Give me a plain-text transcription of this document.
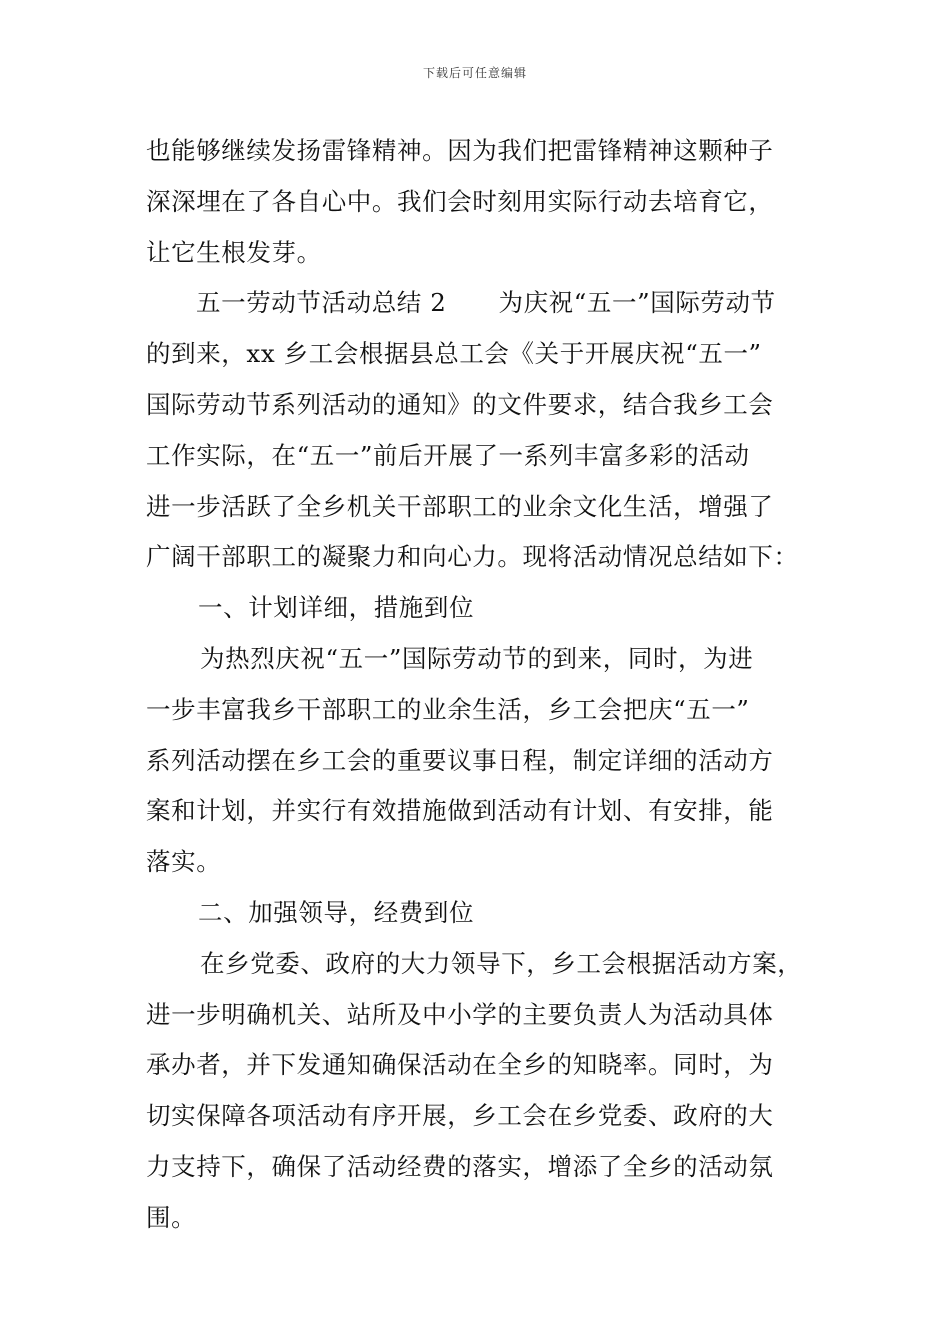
下载后可任意编辑
也能够继续发扬雷锋精神。因为我们把雷锋精神这颗种子
深深埋在了各自心中。我们会时刻用实际行动去培育它，
让它生根发芽。
五一劳动节活动总结 2 为庆祝“五一”国际劳动节
的到来，xx 乡工会根据县总工会《关于开展庆祝“五一”
国际劳动节系列活动的通知》的文件要求，结合我乡工会
工作实际，在“五一”前后开展了一系列丰富多彩的活动
进一步活跃了全乡机关干部职工的业余文化生活，增强了
广阔干部职工的凝聚力和向心力。现将活动情况总结如下：
一、计划详细，措施到位
为热烈庆祝“五一”国际劳动节的到来，同时，为进
一步丰富我乡干部职工的业余生活，乡工会把庆“五一”
系列活动摆在乡工会的重要议事日程，制定详细的活动方
案和计划，并实行有效措施做到活动有计划、有安排，能
落实。
二、加强领导，经费到位
在乡党委、政府的大力领导下，乡工会根据活动方案，
进一步明确机关、站所及中小学的主要负责人为活动具体
承办者，并下发通知确保活动在全乡的知晓率。同时，为
切实保障各项活动有序开展，乡工会在乡党委、政府的大
力支持下，确保了活动经费的落实，增添了全乡的活动氛
围。
